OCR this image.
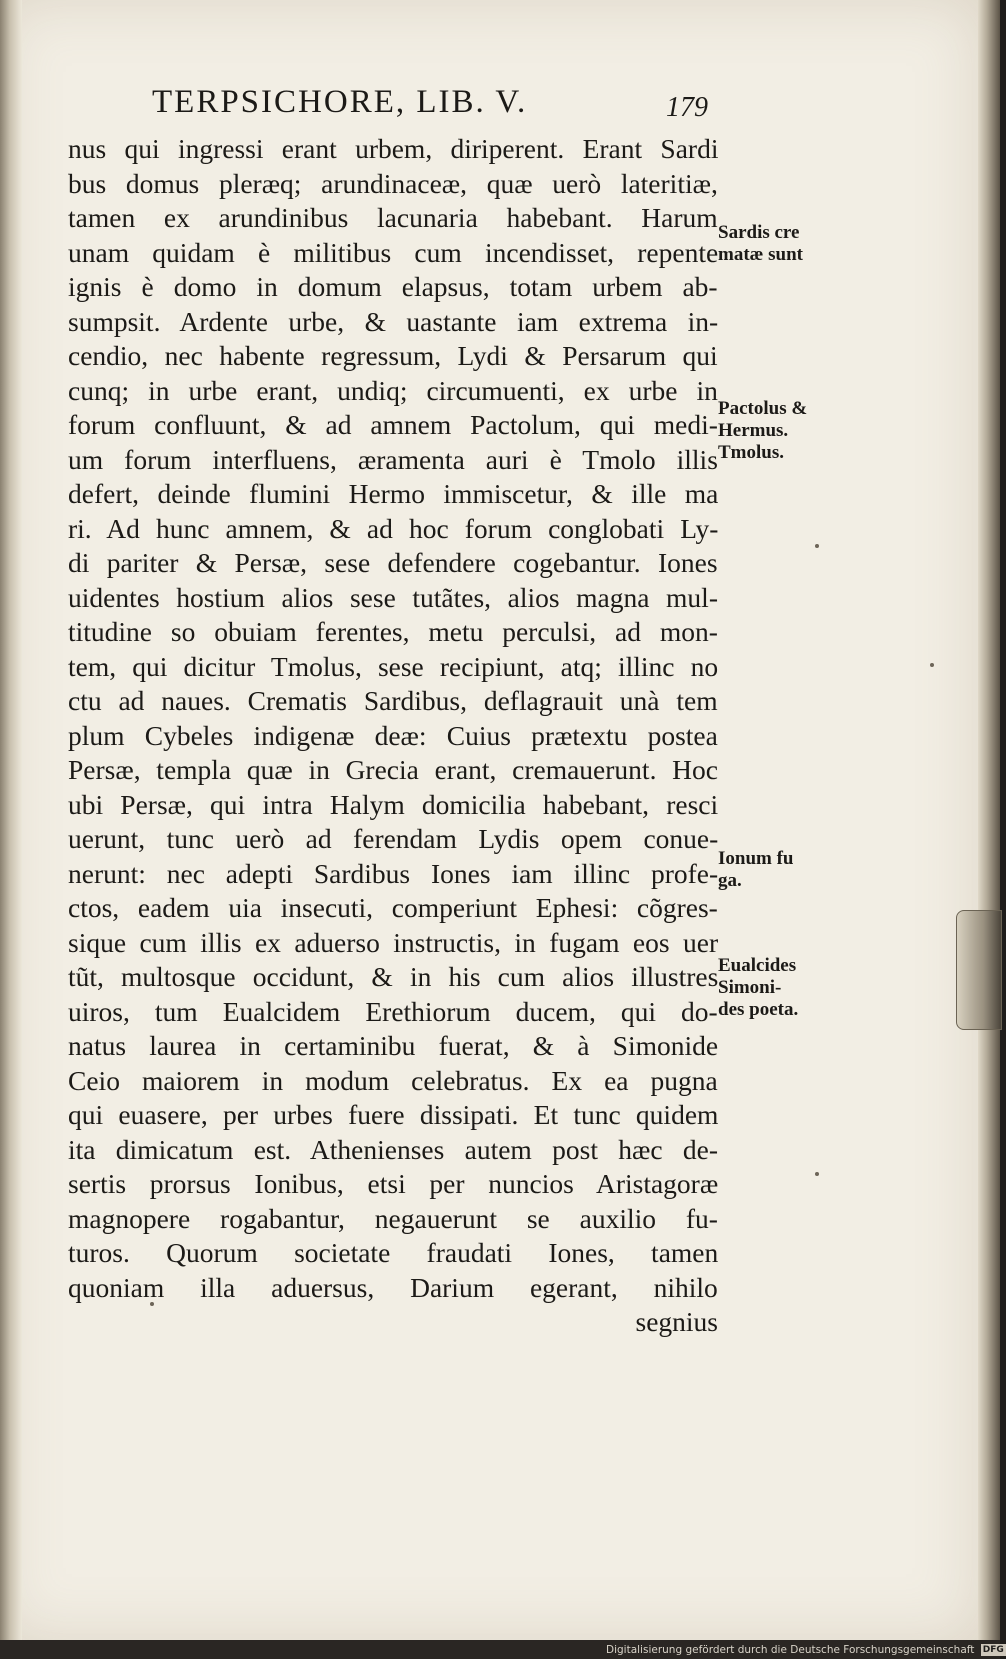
TERPSICHORE, LIB. V.	179
nus qui ingressi erant urbem, diriperent. Erant Sardi
bus domus pleræq; arundinaceæ, quæ uerò lateritiæ,
tamen ex arundinibus lacunaria habebant. Harum
unam quidam è militibus cum incendisset, repente
ignis è domo in domum elapsus, totam urbem ab-
sumpsit. Ardente urbe, & uastante iam extrema in-
cendio, nec habente regressum, Lydi & Persarum qui
cunq; in urbe erant, undiq; circumuenti, ex urbe in
forum confluunt, & ad amnem Pactolum, qui medi-
um forum interfluens, æramenta auri è Tmolo illis
defert, deinde flumini Hermo immiscetur, & ille ma
ri. Ad hunc amnem, & ad hoc forum conglobati Ly-
di pariter & Persæ, sese defendere cogebantur. Iones
uidentes hostium alios sese tutãtes, alios magna mul-
titudine so obuiam ferentes, metu perculsi, ad mon-
tem, qui dicitur Tmolus, sese recipiunt, atq; illinc no
ctu ad naues. Crematis Sardibus, deflagrauit unà tem
plum Cybeles indigenæ deæ: Cuius prætextu postea
Persæ, templa quæ in Grecia erant, cremauerunt. Hoc
ubi Persæ, qui intra Halym domicilia habebant, resci
uerunt, tunc uerò ad ferendam Lydis opem conue-
nerunt: nec adepti Sardibus Iones iam illinc profe-
ctos, eadem uia insecuti, comperiunt Ephesi: cõgres-
sique cum illis ex aduerso instructis, in fugam eos uer
tũt, multosque occidunt, & in his cum alios illustres
uiros, tum Eualcidem Erethiorum ducem, qui do-
natus laurea in certaminibu fuerat, & à Simonide
Ceio maiorem in modum celebratus. Ex ea pugna
qui euasere, per urbes fuere dissipati. Et tunc quidem
ita dimicatum est. Athenienses autem post hæc de-
sertis prorsus Ionibus, etsi per nuncios Aristagoræ
magnopere rogabantur, negauerunt se auxilio fu-
turos. Quorum societate fraudati Iones, tamen
quoniam illa aduersus, Darium egerant, nihilo
segnius
Sardis cre
matæ sunt
Pactolus &
Hermus.
Tmolus.
Ionum fu
ga.
Eualcides
Simoni-
des poeta.
Digitalisierung gefördert durch die Deutsche Forschungsgemeinschaft DFG
